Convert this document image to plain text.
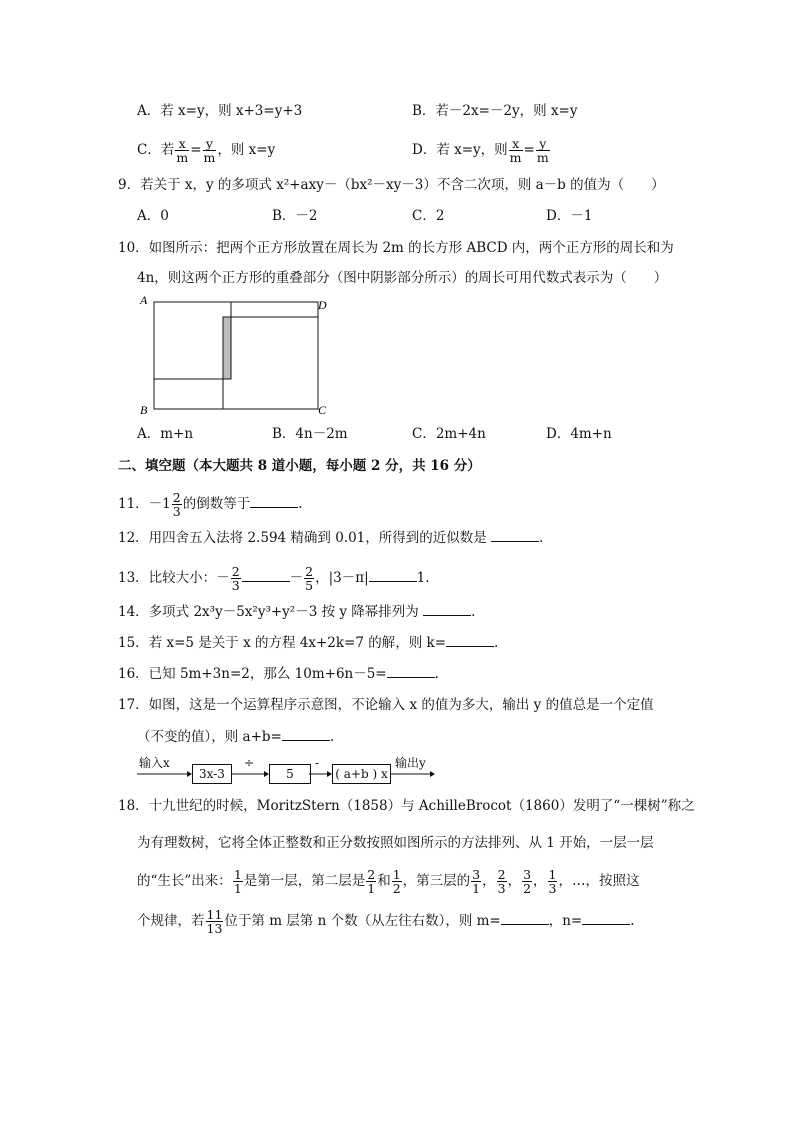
A．若 x=y，则 x+3=y+3	B．若－2x=－2y，则 x=y
C．若 $\frac{x}{m} = \frac{y}{m}$ ，则 x=y	D．若 x=y，则 $\frac{x}{m} = \frac{y}{m}$
9．若关于 x，y 的多项式 x²+axy－（bx²－xy－3）不含二次项，则 a－b 的值为（　　）
A．0	B．－2	C．2	D．－1
10．如图所示：把两个正方形放置在周长为 2m 的长方形 ABCD 内，两个正方形的周长和为
4n，则这两个正方形的重叠部分（图中阴影部分所示）的周长可用代数式表示为（　　）
A	D
B	C
A．m+n	B．4n－2m	C．2m+4n	D．4m+n
二、填空题（本大题共 8 道小题，每小题 2 分，共 16 分）
11．$-1 \frac{2}{3}$ 的倒数等于	.
12．用四舍五入法将 2.594 精确到 0.01，所得到的近似数是	.
13．比较大小：－ $\frac{2}{3}$	－ $\frac{2}{5}$ ，|3－π|	1.
14．多项式 2x³y－5x²y³+y²－3 按 y 降幂排列为	.
15．若 x=5 是关于 x 的方程 4x+2k=7 的解，则 k=	.
16．已知 5m+3n=2，那么 10m+6n－5=	.
17．如图，这是一个运算程序示意图，不论输入 x 的值为多大，输出 y 的值总是一个定值
（不变的值），则 a+b=	.
输入x
3x-3
÷
5
-
( a+b ) x
输出y
18．十九世纪的时候，MoritzStern（1858）与 AchilleBrocot（1860）发明了“一棵树”称之
为有理数树，它将全体正整数和正分数按照如图所示的方法排列、从 1 开始，一层一层
的“生长”出来： $\frac{1}{1}$ 是第一层，第二层是 $\frac{2}{1}$ 和 $\frac{1}{2}$ ，第三层的 $\frac{3}{1}$ ， $\frac{2}{3}$ ， $\frac{3}{2}$ ， $\frac{1}{3}$ ，…，按照这
个规律，若 $\frac{11}{13}$ 位于第 m 层第 n 个数（从左往右数），则 m=	，n=	.
